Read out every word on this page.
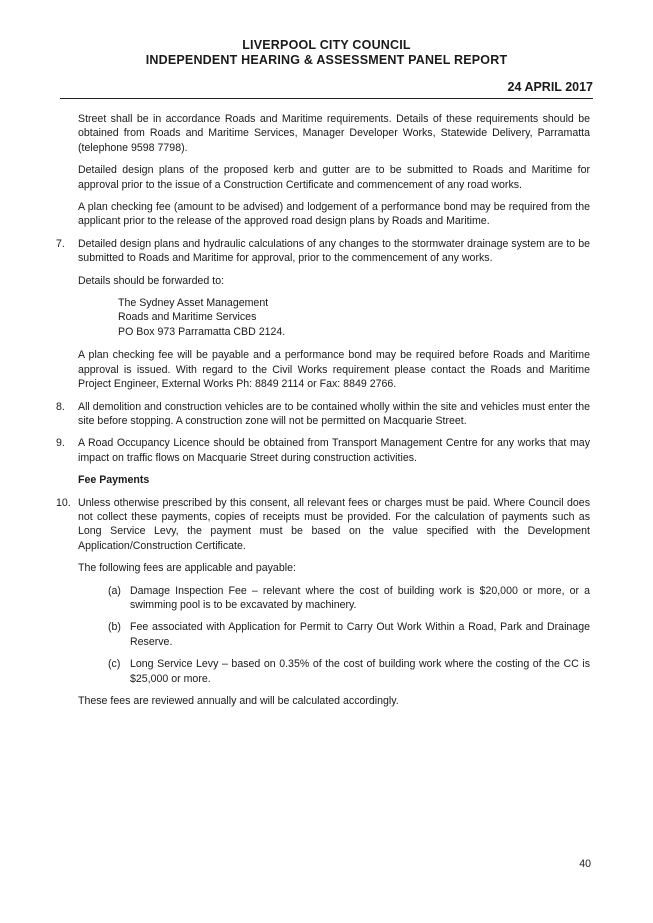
LIVERPOOL CITY COUNCIL
INDEPENDENT HEARING & ASSESSMENT PANEL REPORT
24 APRIL 2017

Street shall be in accordance Roads and Maritime requirements. Details of these requirements should be obtained from Roads and Maritime Services, Manager Developer Works, Statewide Delivery, Parramatta (telephone 9598 7798).

Detailed design plans of the proposed kerb and gutter are to be submitted to Roads and Maritime for approval prior to the issue of a Construction Certificate and commencement of any road works.

A plan checking fee (amount to be advised) and lodgement of a performance bond may be required from the applicant prior to the release of the approved road design plans by Roads and Maritime.

7.	Detailed design plans and hydraulic calculations of any changes to the stormwater drainage system are to be submitted to Roads and Maritime for approval, prior to the commencement of any works.

Details should be forwarded to:

The Sydney Asset Management
Roads and Maritime Services
PO Box 973 Parramatta CBD 2124.

A plan checking fee will be payable and a performance bond may be required before Roads and Maritime approval is issued. With regard to the Civil Works requirement please contact the Roads and Maritime Project Engineer, External Works Ph: 8849 2114 or Fax: 8849 2766.

8.	All demolition and construction vehicles are to be contained wholly within the site and vehicles must enter the site before stopping. A construction zone will not be permitted on Macquarie Street.
9.	A Road Occupancy Licence should be obtained from Transport Management Centre for any works that may impact on traffic flows on Macquarie Street during construction activities.
Fee Payments
10. Unless otherwise prescribed by this consent, all relevant fees or charges must be paid. Where Council does not collect these payments, copies of receipts must be provided. For the calculation of payments such as Long Service Levy, the payment must be based on the value specified with the Development Application/Construction Certificate.

The following fees are applicable and payable:

(a) Damage Inspection Fee – relevant where the cost of building work is $20,000 or more, or a swimming pool is to be excavated by machinery.
(b) Fee associated with Application for Permit to Carry Out Work Within a Road, Park and Drainage Reserve.
(c) Long Service Levy – based on 0.35% of the cost of building work where the costing of the CC is $25,000 or more.

These fees are reviewed annually and will be calculated accordingly.

40
